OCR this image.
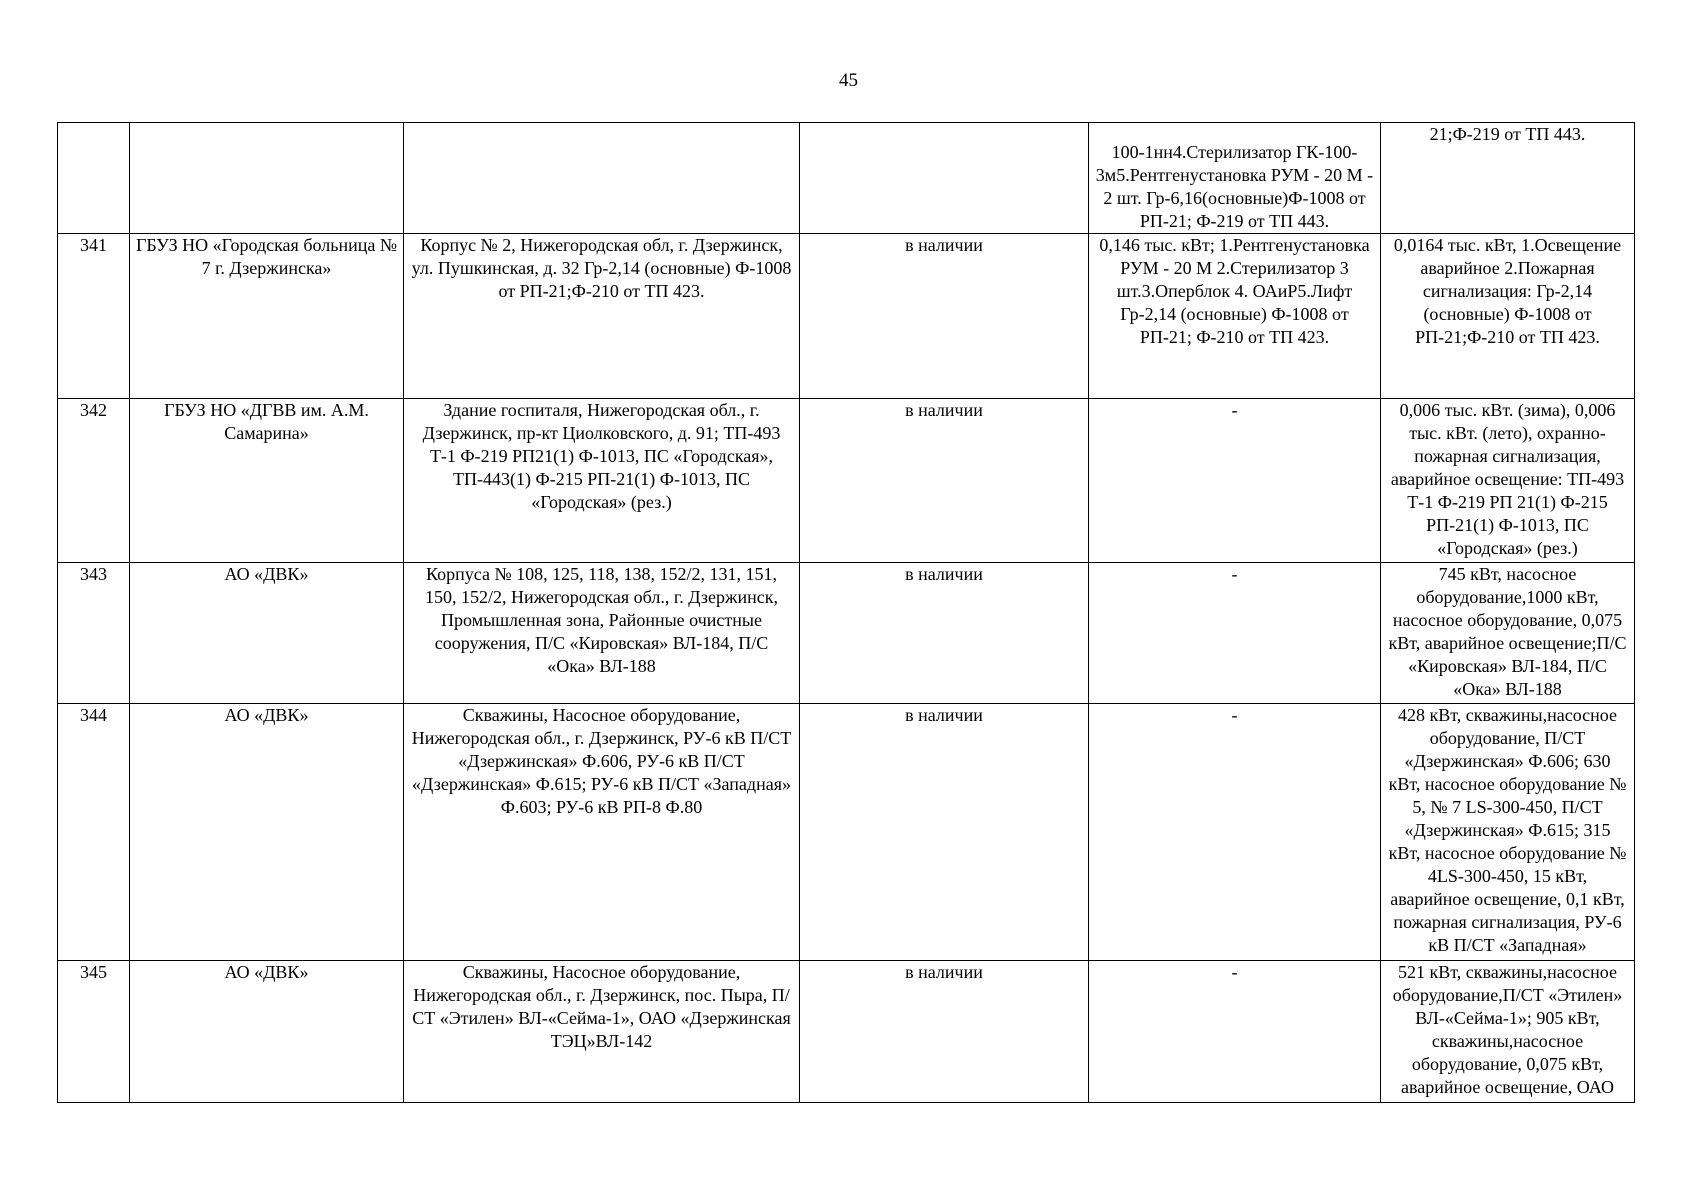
45
				100-1нн4.Стерилизатор ГК-100-3м5.Рентгенустановка РУМ - 20 М - 2 шт. Гр-6,16(основные)Ф-1008 от РП-21; Ф-219 от ТП 443.	21;Ф-219 от ТП 443.
341	ГБУЗ НО «Городская больница № 7 г. Дзержинска»	Корпус № 2, Нижегородская обл, г. Дзержинск, ул. Пушкинская, д. 32 Гр-2,14 (основные) Ф-1008 от РП-21;Ф-210 от ТП 423.	в наличии	0,146 тыс. кВт; 1.Рентгенустановка РУМ - 20 М 2.Стерилизатор 3 шт.3.Оперблок 4. ОАиР5.Лифт Гр-2,14 (основные) Ф-1008 от РП-21; Ф-210 от ТП 423.	0,0164 тыс. кВт, 1.Освещение аварийное 2.Пожарная сигнализация: Гр-2,14 (основные) Ф-1008 от РП-21;Ф-210 от ТП 423.
342	ГБУЗ НО «ДГВВ им. А.М. Самарина»	Здание госпиталя, Нижегородская обл., г. Дзержинск, пр-кт Циолковского, д. 91; ТП-493 Т-1 Ф-219 РП21(1) Ф-1013, ПС «Городская», ТП-443(1) Ф-215 РП-21(1) Ф-1013, ПС «Городская» (рез.)	в наличии	-	0,006 тыс. кВт. (зима), 0,006 тыс. кВт. (лето), охранно-пожарная сигнализация, аварийное освещение: ТП-493 Т-1 Ф-219 РП 21(1) Ф-215 РП-21(1) Ф-1013, ПС «Городская» (рез.)
343	АО «ДВК»	Корпуса № 108, 125, 118, 138, 152/2, 131, 151, 150, 152/2, Нижегородская обл., г. Дзержинск, Промышленная зона, Районные очистные сооружения, П/С «Кировская» ВЛ-184, П/С «Ока» ВЛ-188	в наличии	-	745 кВт, насосное оборудование,1000 кВт, насосное оборудование, 0,075 кВт, аварийное освещение;П/С «Кировская» ВЛ-184, П/С «Ока» ВЛ-188
344	АО «ДВК»	Скважины, Насосное оборудование, Нижегородская обл., г. Дзержинск, РУ-6 кВ П/СТ «Дзержинская» Ф.606, РУ-6 кВ П/СТ «Дзержинская» Ф.615; РУ-6 кВ П/СТ «Западная» Ф.603; РУ-6 кВ РП-8 Ф.80	в наличии	-	428 кВт, скважины,насосное оборудование, П/СТ «Дзержинская» Ф.606; 630 кВт, насосное оборудование № 5, № 7 LS-300-450, П/СТ «Дзержинская» Ф.615; 315 кВт, насосное оборудование № 4LS-300-450, 15 кВт, аварийное освещение, 0,1 кВт, пожарная сигнализация, РУ-6 кВ П/СТ «Западная»
345	АО «ДВК»	Скважины, Насосное оборудование, Нижегородская обл., г. Дзержинск, пос. Пыра, П/СТ «Этилен» ВЛ-«Сейма-1», ОАО «Дзержинская ТЭЦ»ВЛ-142	в наличии	-	521 кВт, скважины,насосное оборудование,П/СТ «Этилен» ВЛ-«Сейма-1»; 905 кВт, скважины,насосное оборудование, 0,075 кВт, аварийное освещение, ОАО
